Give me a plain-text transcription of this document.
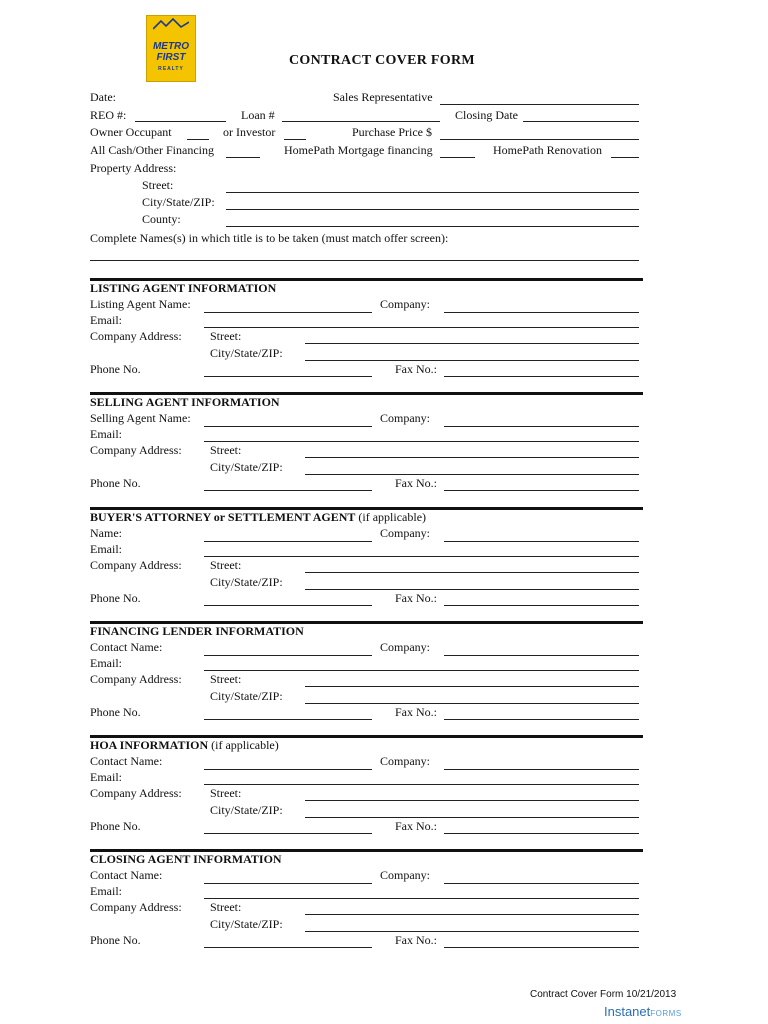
METRO
FIRST
REALTY
CONTRACT COVER FORM
Date:	Sales Representative
REO #:	Loan #	Closing Date
Owner Occupant	or Investor	Purchase Price $
All Cash/Other Financing	HomePath Mortgage financing	HomePath Renovation
Property Address:
Street:
City/State/ZIP:
County:
Complete Names(s) in which title is to be taken (must match offer screen):
LISTING AGENT INFORMATION
Listing Agent Name:	Company:
Email:
Company Address: Street:
City/State/ZIP:
Phone No.	Fax No.:
SELLING AGENT INFORMATION
Selling Agent Name:	Company:
Email:
Company Address: Street:
City/State/ZIP:
Phone No.	Fax No.:
BUYER'S ATTORNEY or SETTLEMENT AGENT (if applicable)
Name:	Company:
Email:
Company Address: Street:
City/State/ZIP:
Phone No.	Fax No.:
FINANCING LENDER INFORMATION
Contact Name:	Company:
Email:
Company Address: Street:
City/State/ZIP:
Phone No.	Fax No.:
HOA INFORMATION (if applicable)
Contact Name:	Company:
Email:
Company Address: Street:
City/State/ZIP:
Phone No.	Fax No.:
CLOSING AGENT INFORMATION
Contact Name:	Company:
Email:
Company Address: Street:
City/State/ZIP:
Phone No.	Fax No.:
Contract Cover Form 10/21/2013
InstanetFORMS
